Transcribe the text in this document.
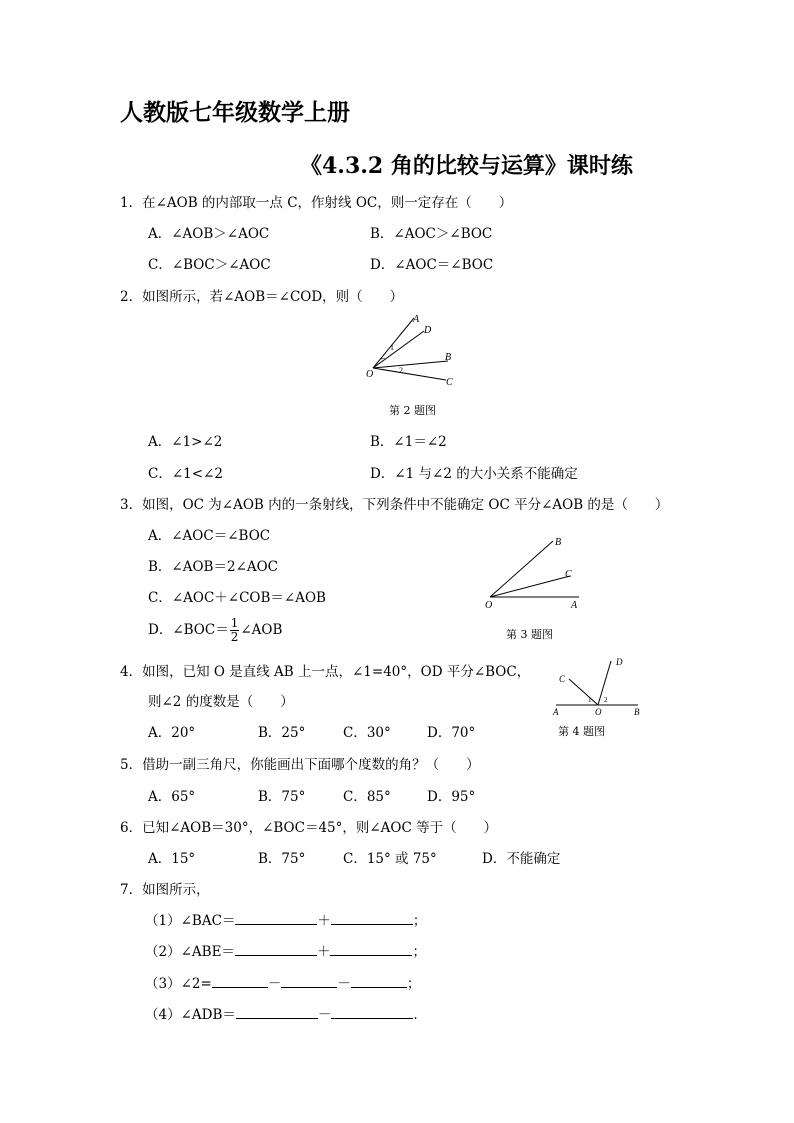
人教版七年级数学上册
《4.3.2 角的比较与运算》课时练
1．在∠AOB 的内部取一点 C，作射线 OC，则一定存在（　　）
A．∠AOB＞∠AOC	B．∠AOC＞∠BOC
C．∠BOC＞∠AOC	D．∠AOC＝∠BOC
2．如图所示，若∠AOB＝∠COD，则（　　）
A
D
B
C
O
1
2
第 2 题图
A．∠1>∠2	B．∠1＝∠2
C．∠1<∠2	D．∠1 与∠2 的大小关系不能确定
3．如图，OC 为∠AOB 内的一条射线，下列条件中不能确定 OC 平分∠AOB 的是（　　）
A．∠AOC＝∠BOC
B．∠AOB＝2∠AOC
C．∠AOC＋∠COB＝∠AOB
D．∠BOC＝ $\frac{1}{2}$ ∠AOB
B
C
O	A
第 3 题图
4．如图，已知 O 是直线 AB 上一点，∠1=40°，OD 平分∠BOC，
则∠2 的度数是（　　）
A．20°	B．25°	C．30°	D．70°
C
D
A	O	B
1 2
第 4 题图
5．借助一副三角尺，你能画出下面哪个度数的角？（　　）
A．65°	B．75°	C．85°	D．95°
6．已知∠AOB＝30°，∠BOC＝45°，则∠AOC 等于（　　）
A．15°	B．75°	C．15° 或 75°	D．不能确定
7．如图所示，
（1）∠BAC＝	＋	；
（2）∠ABE＝	＋	；
（3）∠2=	－	－	；
（4）∠ADB＝	－	.
